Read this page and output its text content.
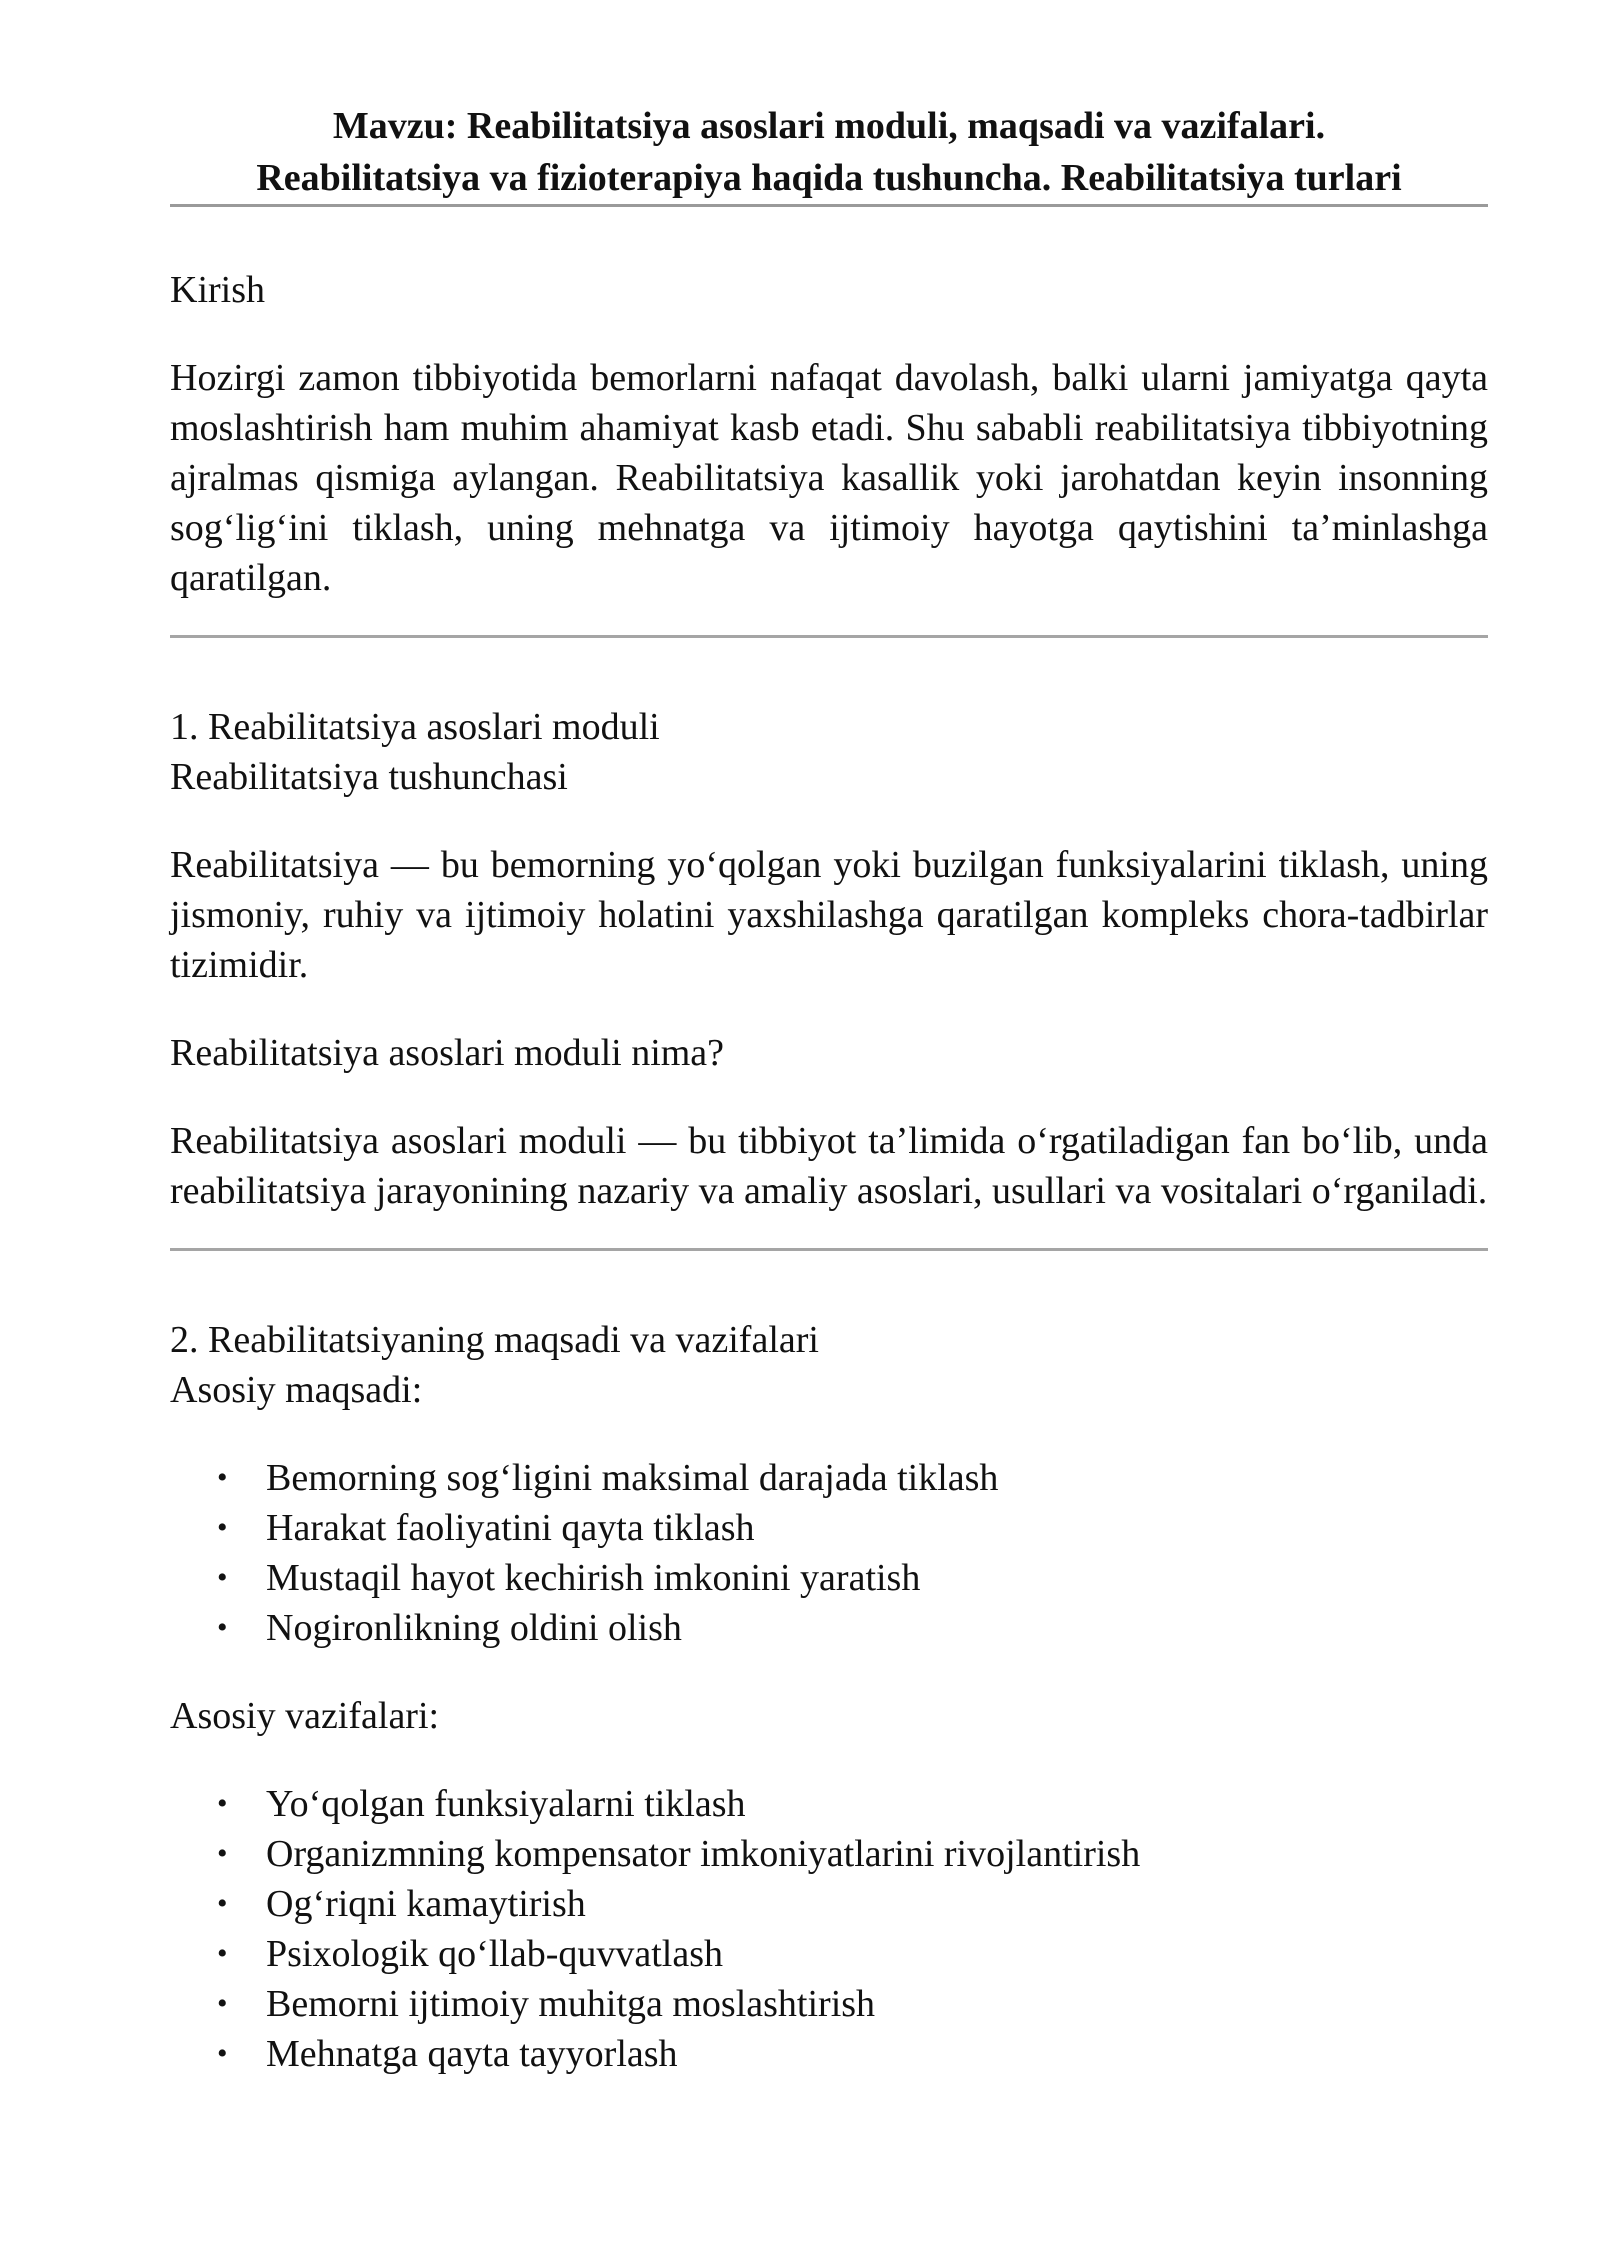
Mavzu: Reabilitatsiya asoslari moduli, maqsadi va vazifalari.
Reabilitatsiya va fizioterapiya haqida tushuncha. Reabilitatsiya turlari

Kirish

Hozirgi zamon tibbiyotida bemorlarni nafaqat davolash, balki ularni jamiyatga qayta moslashtirish ham muhim ahamiyat kasb etadi. Shu sababli reabilitatsiya tibbiyotning ajralmas qismiga aylangan. Reabilitatsiya kasallik yoki jarohatdan keyin insonning sog‘lig‘ini tiklash, uning mehnatga va ijtimoiy hayotga qaytishini ta’minlashga qaratilgan.

1. Reabilitatsiya asoslari moduli

Reabilitatsiya tushunchasi

Reabilitatsiya — bu bemorning yo‘qolgan yoki buzilgan funksiyalarini tiklash, uning jismoniy, ruhiy va ijtimoiy holatini yaxshilashga qaratilgan kompleks chora-tadbirlar tizimidir.

Reabilitatsiya asoslari moduli nima?

Reabilitatsiya asoslari moduli — bu tibbiyot ta’limida o‘rgatiladigan fan bo‘lib, unda reabilitatsiya jarayonining nazariy va amaliy asoslari, usullari va vositalari o‘rganiladi.

2. Reabilitatsiyaning maqsadi va vazifalari

Asosiy maqsadi:

• Bemorning sog‘ligini maksimal darajada tiklash
• Harakat faoliyatini qayta tiklash
• Mustaqil hayot kechirish imkonini yaratish
• Nogironlikning oldini olish

Asosiy vazifalari:

• Yo‘qolgan funksiyalarni tiklash
• Organizmning kompensator imkoniyatlarini rivojlantirish
• Og‘riqni kamaytirish
• Psixologik qo‘llab-quvvatlash
• Bemorni ijtimoiy muhitga moslashtirish
• Mehnatga qayta tayyorlash
